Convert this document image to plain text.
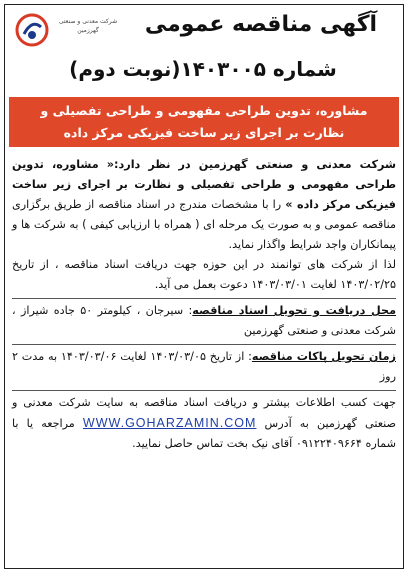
شرکت معدنی و صنعتی گهرزمین	آگهی مناقصه عمومی
شماره ۱۴۰۳۰۰۵(نوبت دوم)
مشاوره، تدوین طراحی مفهومی و طراحی تفصیلی و
نظارت بر اجرای زیر ساخت فیزیکی مرکز داده

شرکت معدنی و صنعتی گهرزمین در نظر دارد:« مشاوره، تدوین طراحی مفهومی و طراحی تفصیلی و نظارت بر اجرای زیر ساخت فیزیکی مرکز داده » را با مشخصات مندرج در اسناد مناقصه از طریق برگزاری مناقصه عمومی و به صورت یک مرحله ای ( همراه با ارزیابی کیفی ) به شرکت ها و پیمانکاران واجد شرایط واگذار نماید.

لذا از شرکت های توانمند در این حوزه جهت دریافت اسناد مناقصه ، از تاریخ ۱۴۰۳/۰۲/۲۵ لغایت ۱۴۰۳/۰۳/۰۱ دعوت بعمل می آید.

محل دریافت و تحویل اسناد مناقصه: سیرجان ، کیلومتر ۵۰ جاده شیراز ، شرکت معدنی و صنعتی گهرزمین

زمان تحویل پاکات مناقصه: از تاریخ ۱۴۰۳/۰۳/۰۵ لغایت ۱۴۰۳/۰۳/۰۶ به مدت ۲ روز

جهت کسب اطلاعات بیشتر و دریافت اسناد مناقصه به سایت شرکت معدنی و صنعتی گهرزمین به آدرس WWW.GOHARZAMIN.COM مراجعه یا با شماره ۰۹۱۲۲۴۰۹۶۶۴ آقای نیک بخت تماس حاصل نمایید.
